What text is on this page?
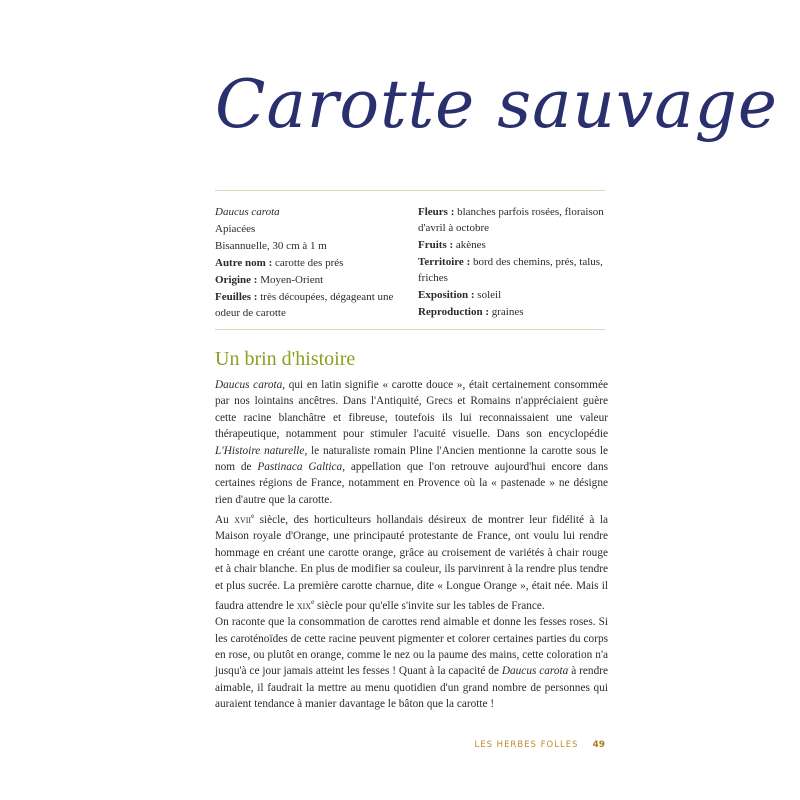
Carotte sauvage

Daucus carota

Apiacées

Bisannuelle, 30 cm à 1 m

Autre nom : carotte des prés

Origine : Moyen-Orient

Feuilles : très découpées, dégageant une odeur de carotte

Fleurs : blanches parfois rosées, floraison d'avril à octobre

Fruits : akènes

Territoire : bord des chemins, prés, talus, friches

Exposition : soleil

Reproduction : graines

Un brin d'histoire

Daucus carota, qui en latin signifie « carotte douce », était certainement consommée par nos lointains ancêtres. Dans l'Antiquité, Grecs et Romains n'appréciaient guère cette racine blanchâtre et fibreuse, toutefois ils lui reconnaissaient une valeur thérapeutique, notamment pour stimuler l'acuité visuelle. Dans son encyclopédie L'Histoire naturelle, le naturaliste romain Pline l'Ancien mentionne la carotte sous le nom de Pastinaca Galtica, appellation que l'on retrouve aujourd'hui encore dans certaines régions de France, notamment en Provence où la « pastenade » ne désigne rien d'autre que la carotte.

Au xvii$^e$ siècle, des horticulteurs hollandais désireux de montrer leur fidélité à la Maison royale d'Orange, une principauté protestante de France, ont voulu lui rendre hommage en créant une carotte orange, grâce au croisement de variétés à chair rouge et à chair blanche. En plus de modifier sa couleur, ils parvinrent à la rendre plus tendre et plus sucrée. La première carotte charnue, dite « Longue Orange », était née. Mais il faudra attendre le xix$^e$ siècle pour qu'elle s'invite sur les tables de France.

On raconte que la consommation de carottes rend aimable et donne les fesses roses. Si les caroténoïdes de cette racine peuvent pigmenter et colorer certaines parties du corps en rose, ou plutôt en orange, comme le nez ou la paume des mains, cette coloration n'a jusqu'à ce jour jamais atteint les fesses ! Quant à la capacité de Daucus carota à rendre aimable, il faudrait la mettre au menu quotidien d'un grand nombre de personnes qui auraient tendance à manier davantage le bâton que la carotte !

LES HERBES FOLLES 49
